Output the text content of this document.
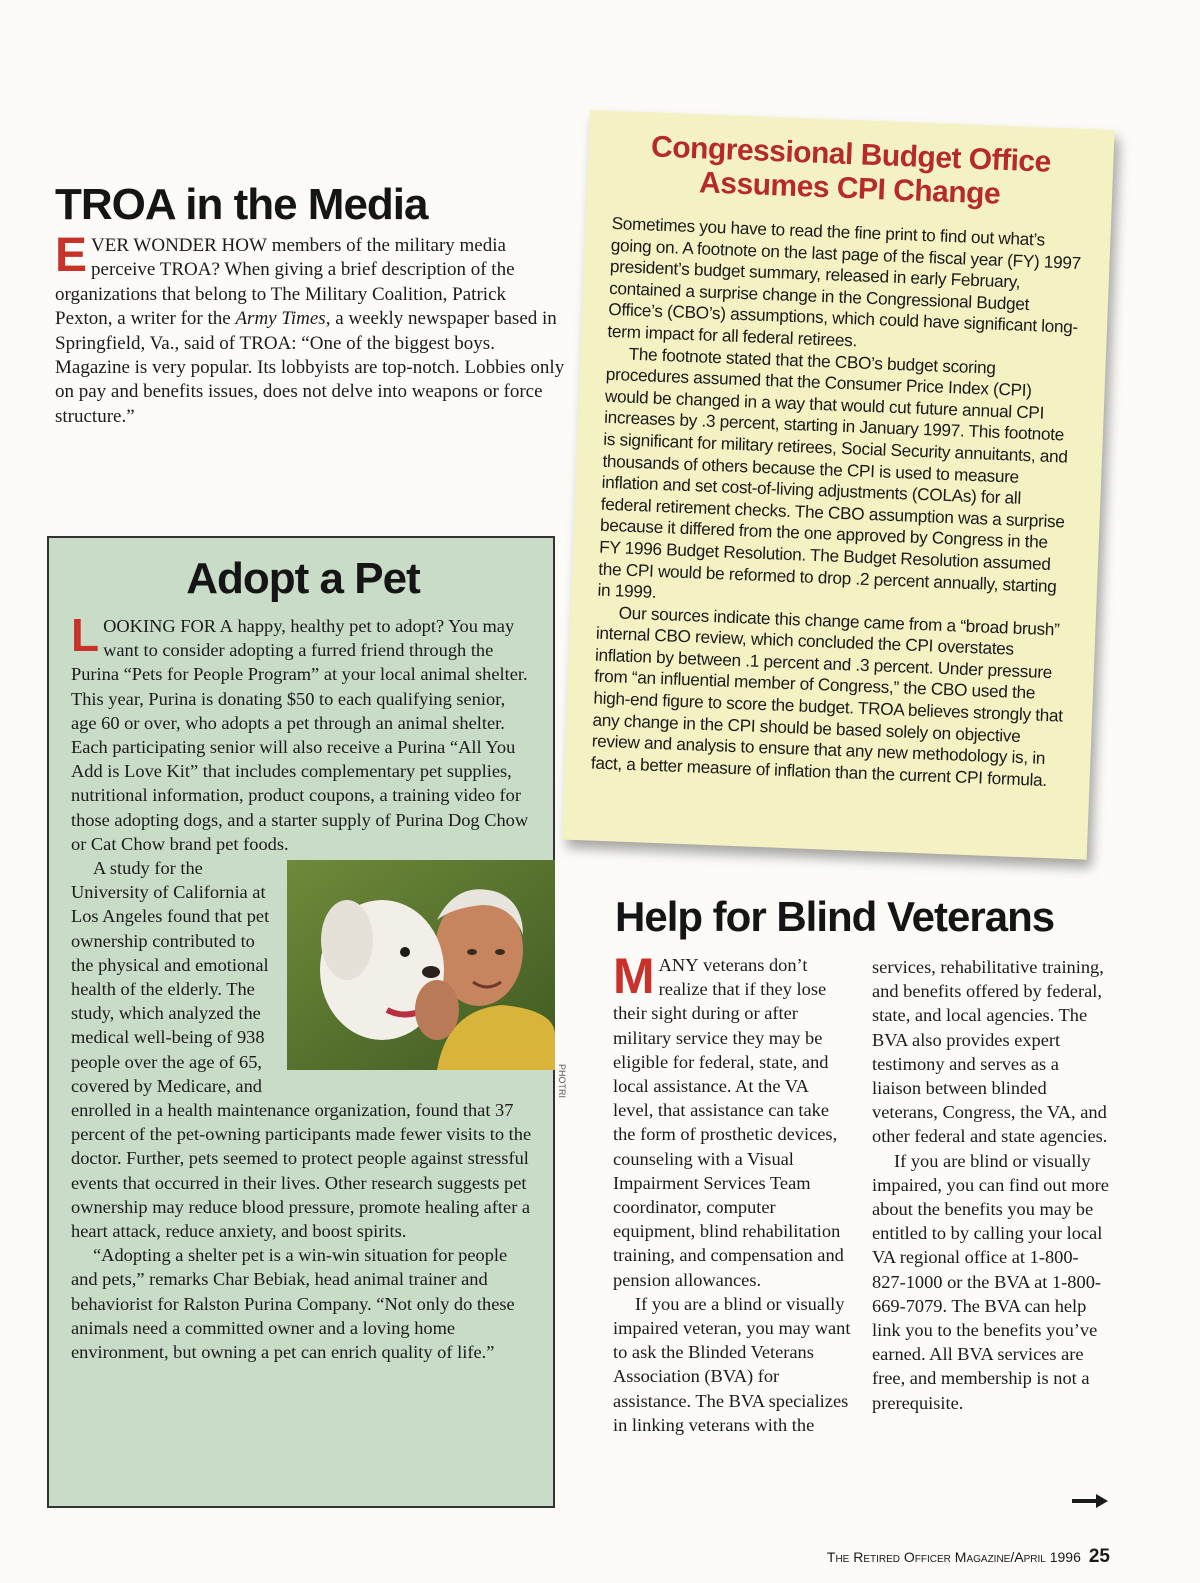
TROA in the Media
EVER WONDER HOW members of the military media perceive TROA? When giving a brief description of the organizations that belong to The Military Coalition, Patrick Pexton, a writer for the Army Times, a weekly newspaper based in Springfield, Va., said of TROA: “One of the biggest boys. Magazine is very popular. Its lobbyists are top-notch. Lobbies only on pay and benefits issues, does not delve into weapons or force structure.”
Congressional Budget Office
Assumes CPI Change

Sometimes you have to read the fine print to find out what’s going on. A footnote on the last page of the fiscal year (FY) 1997 president’s budget summary, released in early February, contained a surprise change in the Congressional Budget Office’s (CBO’s) assumptions, which could have significant long-term impact for all federal retirees.

The footnote stated that the CBO’s budget scoring procedures assumed that the Consumer Price Index (CPI) would be changed in a way that would cut future annual CPI increases by .3 percent, starting in January 1997. This footnote is significant for military retirees, Social Security annuitants, and thousands of others because the CPI is used to measure inflation and set cost-of-living adjustments (COLAs) for all federal retirement checks. The CBO assumption was a surprise because it differed from the one approved by Congress in the FY 1996 Budget Resolution. The Budget Resolution assumed the CPI would be reformed to drop .2 percent annually, starting in 1999.

Our sources indicate this change came from a “broad brush” internal CBO review, which concluded the CPI overstates inflation by between .1 percent and .3 percent. Under pressure from “an influential member of Congress,” the CBO used the high-end figure to score the budget. TROA believes strongly that any change in the CPI should be based solely on objective review and analysis to ensure that any new methodology is, in fact, a better measure of inflation than the current CPI formula.

Adopt a Pet

LOOKING FOR A happy, healthy pet to adopt? You may want to consider adopting a furred friend through the Purina “Pets for People Program” at your local animal shelter. This year, Purina is donating $50 to each qualifying senior, age 60 or over, who adopts a pet through an animal shelter. Each participating senior will also receive a Purina “All You Add is Love Kit” that includes complementary pet supplies, nutritional information, product coupons, a training video for those adopting dogs, and a starter supply of Purina Dog Chow or Cat Chow brand pet foods.

A study for the University of California at Los Angeles found that pet ownership contributed to the physical and emotional health of the elderly. The study, which analyzed the medical well-being of 938 people over the age of 65, covered by Medicare, and enrolled in a health maintenance organization, found that 37 percent of the pet-owning participants made fewer visits to the doctor. Further, pets seemed to protect people against stressful events that occurred in their lives. Other research suggests pet ownership may reduce blood pressure, promote healing after a heart attack, reduce anxiety, and boost spirits.

“Adopting a shelter pet is a win-win situation for people and pets,” remarks Char Bebiak, head animal trainer and behaviorist for Ralston Purina Company. “Not only do these animals need a committed owner and a loving home environment, but owning a pet can enrich quality of life.”

PHOTRI
Help for Blind Veterans

MANY veterans don’t realize that if they lose their sight during or after military service they may be eligible for federal, state, and local assistance. At the VA level, that assistance can take the form of prosthetic devices, counseling with a Visual Impairment Services Team coordinator, computer equipment, blind rehabilitation training, and compensation and pension allowances.

If you are a blind or visually impaired veteran, you may want to ask the Blinded Veterans Association (BVA) for assistance. The BVA specializes in linking veterans with the

services, rehabilitative training, and benefits offered by federal, state, and local agencies. The BVA also provides expert testimony and serves as a liaison between blinded veterans, Congress, the VA, and other federal and state agencies.

If you are blind or visually impaired, you can find out more about the benefits you may be entitled to by calling your local VA regional office at 1-800-827-1000 or the BVA at 1-800-669-7079. The BVA can help link you to the benefits you’ve earned. All BVA services are free, and membership is not a prerequisite.

The Retired Officer Magazine/April 1996 25
